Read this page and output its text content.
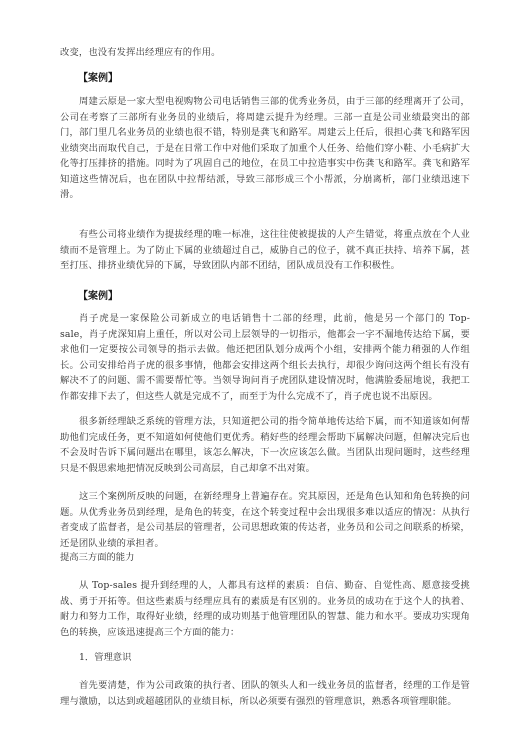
改变，也没有发挥出经理应有的作用。

【案例】

周建云原是一家大型电视购物公司电话销售三部的优秀业务员，由于三部的经理离开了公司，公司在考察了三部所有业务员的业绩后，将周建云提升为经理。三部一直是公司业绩最突出的部门，部门里几名业务员的业绩也很不错，特别是龚飞和路军。周建云上任后，很担心龚飞和路军因业绩突出而取代自己，于是在日常工作中对他们采取了加重个人任务、给他们穿小鞋、小毛病扩大化等打压排挤的措施。同时为了巩固自己的地位，在员工中拉造事实中伤龚飞和路军。龚飞和路军知道这些情况后，也在团队中拉帮结派，导致三部形成三个小帮派，分崩离析，部门业绩迅速下滑。

有些公司将业绩作为提拔经理的唯一标准，这往往使被提拔的人产生错觉，将重点放在个人业绩而不是管理上。为了防止下属的业绩超过自己，威胁自己的位子，就不真正扶持、培养下属，甚至打压、排挤业绩优异的下属，导致团队内部不团结，团队成员没有工作积极性。

【案例】

肖子虎是一家保险公司新成立的电话销售十二部的经理，此前，他是另一个部门的 Top-sale，肖子虎深知肩上重任，所以对公司上层领导的一切指示，他都会一字不漏地传达给下属，要求他们一定要按公司领导的指示去做。他还把团队划分成两个小组，安排两个能力稍强的人作组长。公司安排给肖子虎的很多事情，他都会安排这两个组长去执行，却很少询问这两个组长有没有解决不了的问题、需不需要帮忙等。当领导询问肖子虎团队建设情况时，他满脸委屈地说，我把工作都安排下去了，但这些人就是完成不了，而至于为什么完成不了，肖子虎也说不出原因。

很多新经理缺乏系统的管理方法，只知道把公司的指令简单地传达给下属，而不知道该如何帮助他们完成任务，更不知道如何使他们更优秀。稍好些的经理会帮助下属解决问题，但解决完后也不会及时告诉下属问题出在哪里，该怎么解决，下一次应该怎么做。当团队出现问题时，这些经理只是不假思索地把情况反映到公司高层，自己却拿不出对策。

这三个案例所反映的问题，在新经理身上普遍存在。究其原因，还是角色认知和角色转换的问题。从优秀业务员到经理，是角色的转变，在这个转变过程中会出现很多难以适应的情况：从执行者变成了监督者，是公司基层的管理者，公司思想政策的传达者，业务员和公司之间联系的桥梁，还是团队业绩的承担者。

提高三方面的能力

从 Top-sales 提升到经理的人，人都具有这样的素质：自信、勤奋、自觉性高、愿意接受挑战、勇于开拓等。但这些素质与经理应具有的素质是有区别的。业务员的成功在于这个人的执着、耐力和努力工作，取得好业绩，经理的成功则基于他管理团队的智慧、能力和水平。要成功实现角色的转换，应该迅速提高三个方面的能力：

1．管理意识

首先要清楚，作为公司政策的执行者、团队的领头人和一线业务员的监督者，经理的工作是管理与激励，以达到或超越团队的业绩目标，所以必须要有强烈的管理意识，熟悉各项管理职能。
